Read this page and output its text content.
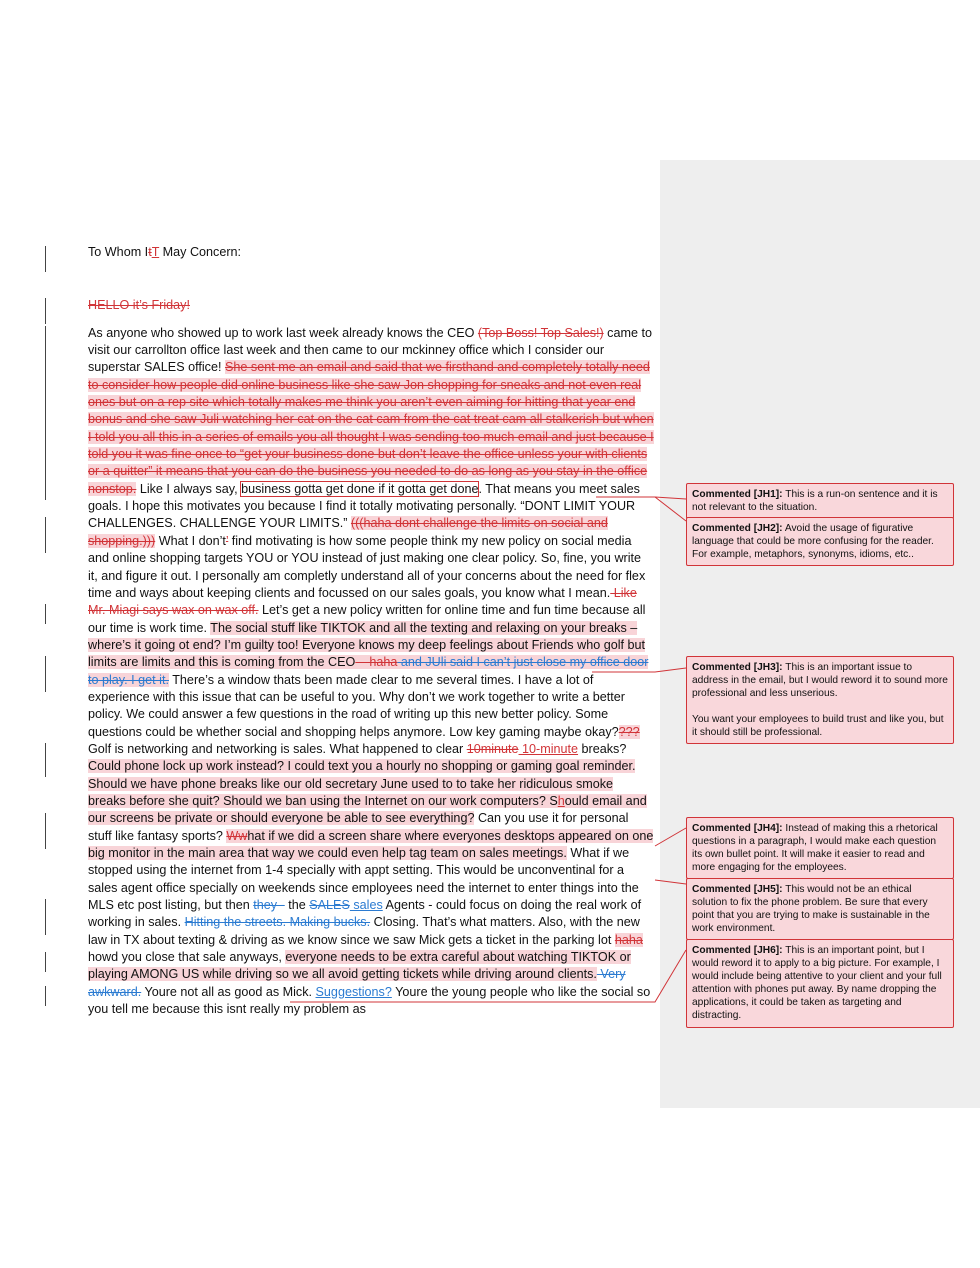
To Whom ItT May Concern:

HELLO it’s Friday!

As anyone who showed up to work last week already knows the CEO (Top Boss! Top Sales!) came to visit our carrollton office last week and then came to our mckinney office which I consider our superstar SALES office! She sent me an email and said that we firsthand and completely totally need to consider how people did online business like she saw Jon shopping for sneaks and not even real ones but on a rep site which totally makes me think you aren’t even aiming for hitting that year end bonus and she saw Juli watching her cat on the cat cam from the cat treat cam all stalkerish but when I told you all this in a series of emails you all thought I was sending too much email and just because I told you it was fine once to “get your business done but don’t leave the office unless your with clients or a quitter” it means that you can do the business you needed to do as long as you stay in the office nonstop. Like I always say, business gotta get done if it gotta get done. That means you meet sales goals. I hope this motivates you because I find it totally motivating personally. “DONT LIMIT YOUR CHALLENGES. CHALLENGE YOUR LIMITS.” (((haha dont challenge the limits on social and shopping.))) What I don’t’ find motivating is how some people think my new policy on social media and online shopping targets YOU or YOU instead of just making one clear policy. So, fine, you write it, and figure it out. I personally am completly understand all of your concerns about the need for flex time and ways about keeping clients and focussed on our sales goals, you know what I mean. Like Mr. Miagi says wax on wax off. Let’s get a new policy written for online time and fun time because all our time is work time. The social stuff like TIKTOK and all the texting and relaxing on your breaks – where’s it going ot end? I’m guilty too! Everyone knows my deep feelings about Friends who golf but limits are limits and this is coming from the CEO – haha and JUli said I can’t just close my office door to play. I get it. There’s a window thats been made clear to me several times. I have a lot of experience with this issue that can be useful to you. Why don’t we work together to write a better policy. We could answer a few questions in the road of writing up this new better policy. Some questions could be whether social and shopping helps anymore. Low key gaming maybe okay???? Golf is networking and networking is sales. What happened to clear 10minute 10-minute breaks? Could phone lock up work instead? I could text you a hourly no shopping or gaming goal reminder. Should we have phone breaks like our old secretary June used to to take her ridiculous smoke breaks before she quit? Should we ban using the Internet on our work computers? Should email and our screens be private or should everyone be able to see everything? Can you use it for personal stuff like fantasy sports? Wwhat if we did a screen share where everyones desktops appeared on one big monitor in the main area that way we could even help tag team on sales meetings. What if we stopped using the internet from 1-4 specially with appt setting. This would be unconventinal for a sales agent office specially on weekends since employees need the internet to enter things into the MLS etc post listing, but then they - the SALES sales Agents - could focus on doing the real work of working in sales. Hitting the streets. Making bucks. Closing. That’s what matters. Also, with the new law in TX about texting & driving as we know since we saw Mick gets a ticket in the parking lot haha howd you close that sale anyways, everyone needs to be extra careful about watching TIKTOK or playing AMONG US while driving so we all avoid getting tickets while driving around clients. Very awkward. Youre not all as good as Mick. Suggestions? Youre the young people who like the social so you tell me because this isnt really my problem as

Commented [JH1]: This is a run-on sentence and it is not relevant to the situation.
Commented [JH2]: Avoid the usage of figurative language that could be more confusing for the reader. For example, metaphors, synonyms, idioms, etc..
Commented [JH3]: This is an important issue to address in the email, but I would reword it to sound more professional and less unserious.
You want your employees to build trust and like you, but it should still be professional.
Commented [JH4]: Instead of making this a rhetorical questions in a paragraph, I would make each question its own bullet point. It will make it easier to read and more engaging for the employees.
Commented [JH5]: This would not be an ethical solution to fix the phone problem. Be sure that every point that you are trying to make is sustainable in the work environment.
Commented [JH6]: This is an important point, but I would reword it to apply to a big picture. For example, I would include being attentive to your client and your full attention with phones put away. By name dropping the applications, it could be taken as targeting and distracting.
